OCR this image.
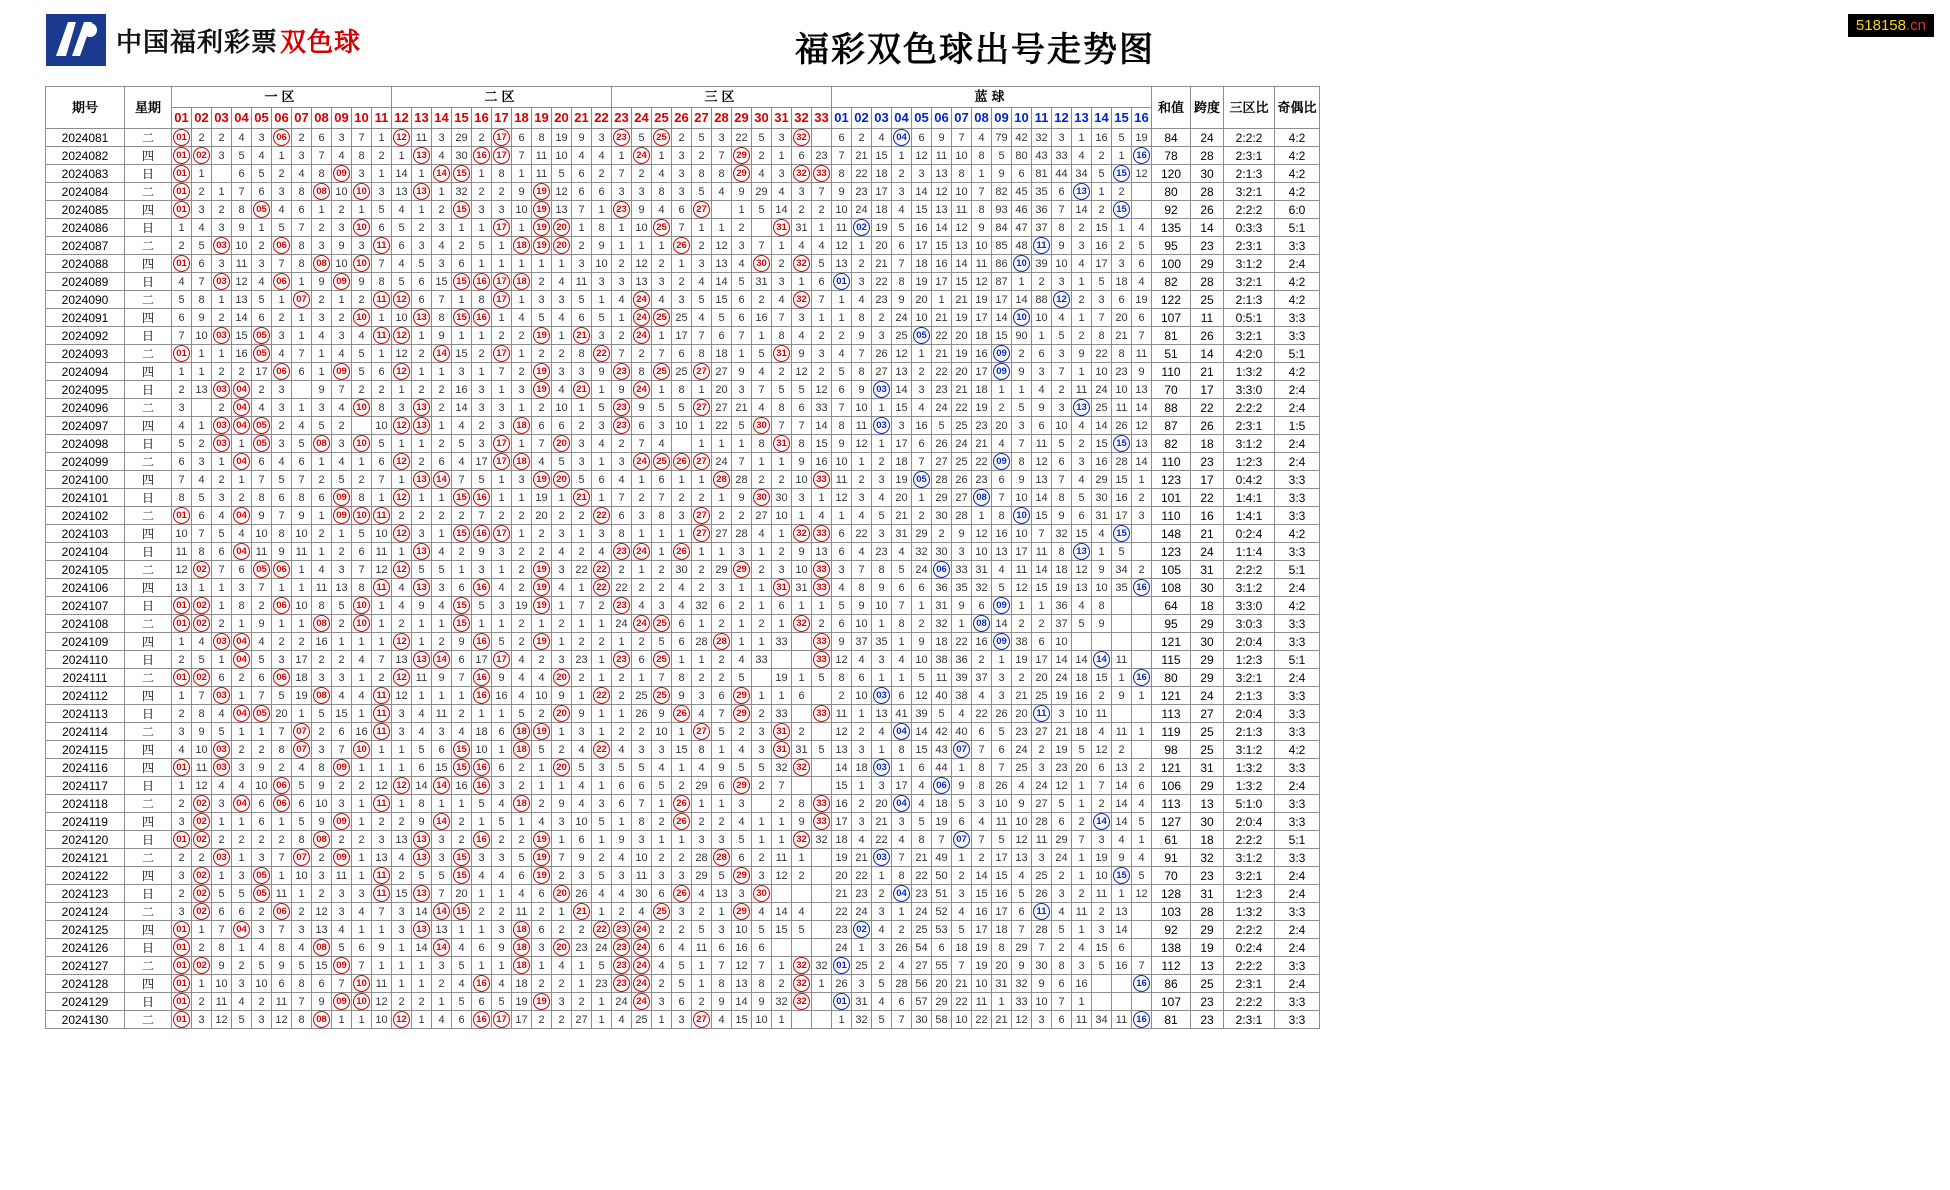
中国福利彩票 双色球	福彩双色球出号走势图
518158.cn
期号	星期	一区											二区											三区											蓝球																和值	跨度	三区比	奇偶比
		01	02	03	04	05	06	07	08	09	10	11	12	13	14	15	16	17	18	19	20	21	22	23	24	25	26	27	28	29	30	31	32	33	01	02	03	04	05	06	07	08	09	10	11	12	13	14	15	16				
2024081	二	01	2	2	4	3	06	2	6	3	7	1	12	11	3	29	2	17	6	8	19	9	3	23	5	25	2	5	3	22	5	3	32		6	2	4	04	6	9	7	4	79	42	32	3	1	16	5	19	84	24	2:2:2	4:2
2024082	四	01	02	3	5	4	1	3	7	4	8	2	1	13	4	30	16	17	7	11	10	4	4	1	24	1	3	2	7	29	2	1	6	23	7	21	15	1	12	11	10	8	5	80	43	33	4	2	1	16	78	28	2:3:1	4:2
2024083	日	01	1		6	5	2	4	8	09	3	1	14	1	14	15	1	8	1	11	5	6	2	7	2	4	3	8	8	29	4	3	32	33	8	22	18	2	3	13	8	1	9	6	81	44	34	5	15	12	120	30	2:1:3	4:2
2024084	二	01	2	1	7	6	3	8	08	10	10	3	13	13	1	32	2	2	9	19	12	6	6	3	3	8	3	5	4	9	29	4	3	7	9	23	17	3	14	12	10	7	82	45	35	6	13	1	2		80	28	3:2:1	4:2
2024085	四	01	3	2	8	05	4	6	1	2	1	5	4	1	2	15	3	3	10	19	13	7	1	23	9	4	6	27		1	5	14	2	2	10	24	18	4	15	13	11	8	93	46	36	7	14	2	15		92	26	2:2:2	6:0
2024086	日	1	4	3	9	1	5	7	2	3	10	6	5	2	3	1	1	17	1	19	20	1	8	1	10	25	7	1	1	2		31	31	1	11	02	19	5	16	14	12	9	84	47	37	8	2	15	1	4	135	14	0:3:3	5:1
2024087	二	2	5	03	10	2	06	8	3	9	3	11	6	3	4	2	5	1	18	19	20	2	9	1	1	1	26	2	12	3	7	1	4	4	12	1	20	6	17	15	13	10	85	48	11	9	3	16	2	5	95	23	2:3:1	3:3
2024088	四	01	6	3	11	3	7	8	08	10	10	7	4	5	3	6	1	1	1	1	1	3	10	2	12	2	1	3	13	4	30	2	32	5	13	2	21	7	18	16	14	11	86	10	39	10	4	17	3	6	100	29	3:1:2	2:4
2024089	日	4	7	03	12	4	06	1	9	09	9	8	5	6	15	15	16	17	18	2	4	11	3	3	13	3	2	4	14	5	31	3	1	6	01	3	22	8	19	17	15	12	87	1	2	3	1	5	18	4	82	28	3:2:1	4:2
2024090	二	5	8	1	13	5	1	07	2	1	2	11	12	6	7	1	8	17	1	3	3	5	1	4	24	4	3	5	15	6	2	4	32	7	1	4	23	9	20	1	21	19	17	14	88	12	2	3	6	19	122	25	2:1:3	4:2
2024091	四	6	9	2	14	6	2	1	3	2	10	1	10	13	8	15	16	1	4	5	4	6	5	1	24	25	25	4	5	6	16	7	3	1	1	8	2	24	10	21	19	17	14	10	10	4	1	7	20	6	107	11	0:5:1	3:3
2024092	日	7	10	03	15	05	3	1	4	3	4	11	12	1	9	1	1	2	2	19	1	21	3	2	24	1	17	7	6	7	1	8	4	2	2	9	3	25	05	22	20	18	15	90	1	5	2	8	21	7	81	26	3:2:1	3:3
2024093	二	01	1	1	16	05	4	7	1	4	5	1	12	2	14	15	2	17	1	2	2	8	22	7	2	7	6	8	18	1	5	31	9	3	4	7	26	12	1	21	19	16	09	2	6	3	9	22	8	11	51	14	4:2:0	5:1
2024094	四	1	1	2	2	17	06	6	1	09	5	6	12	1	1	3	1	7	2	19	3	3	9	23	8	25	25	27	27	9	4	2	12	2	5	8	27	13	2	22	20	17	09	9	3	7	1	10	23	9	110	21	1:3:2	4:2
2024095	日	2	13	03	04	2	3		9	7	2	2	1	2	2	16	3	1	3	19	4	21	1	9	24	1	8	1	20	3	7	5	5	12	6	9	03	14	3	23	21	18	1	1	4	2	11	24	10	13	70	17	3:3:0	2:4
2024096	二	3		2	04	4	3	1	3	4	10	8	3	13	2	14	3	3	1	2	10	1	5	23	9	5	5	27	27	21	4	8	6	33	7	10	1	15	4	24	22	19	2	5	9	3	13	25	11	14	88	22	2:2:2	2:4
2024097	四	4	1	03	04	05	2	4	5	2		10	12	13	1	4	2	3	18	6	6	2	3	23	6	3	10	1	22	5	30	7	7	14	8	11	03	3	16	5	25	23	20	3	6	10	4	14	26	12	87	26	2:3:1	1:5
2024098	日	5	2	03	1	05	3	5	08	3	10	5	1	1	2	5	3	17	1	7	20	3	4	2	7	4		1	1	1	8	31	8	15	9	12	1	17	6	26	24	21	4	7	11	5	2	15	15	13	82	18	3:1:2	2:4
2024099	二	6	3	1	04	6	4	6	1	4	1	6	12	2	6	4	17	17	18	4	5	3	1	3	24	25	26	27	24	7	1	1	9	16	10	1	2	18	7	27	25	22	09	8	12	6	3	16	28	14	110	23	1:2:3	2:4
2024100	四	7	4	2	1	7	5	7	2	5	2	7	1	13	14	7	5	1	3	19	20	5	6	4	1	6	1	1	28	28	2	2	10	33	11	2	3	19	05	28	26	23	6	9	13	7	4	29	15	1	123	17	0:4:2	3:3
2024101	日	8	5	3	2	8	6	8	6	09	8	1	12	1	1	15	16	1	1	19	1	21	1	7	2	7	2	2	1	9	30	30	3	1	12	3	4	20	1	29	27	08	7	10	14	8	5	30	16	2	101	22	1:4:1	3:3
2024102	二	01	6	4	04	9	7	9	1	09	10	11	2	2	2	2	7	2	2	20	2	2	22	6	3	8	3	27	2	2	27	10	1	4	1	4	5	21	2	30	28	1	8	10	15	9	6	31	17	3	110	16	1:4:1	3:3
2024103	四	10	7	5	4	10	8	10	2	1	5	10	12	3	1	15	16	17	1	2	3	1	3	8	1	1	1	27	27	28	4	1	32	33	6	22	3	31	29	2	9	12	16	10	7	32	15	4	15		148	21	0:2:4	4:2
2024104	日	11	8	6	04	11	9	11	1	2	6	11	1	13	4	2	9	3	2	2	4	2	4	23	24	1	26	1	1	3	1	2	9	13	6	4	23	4	32	30	3	10	13	17	11	8	13	1	5		123	24	1:1:4	3:3
2024105	二	12	02	7	6	05	06	1	4	3	7	12	12	5	5	1	3	1	2	19	3	22	22	2	1	2	30	2	29	29	2	3	10	33	3	7	8	5	24	06	33	31	4	11	14	18	12	9	34	2	105	31	2:2:2	5:1
2024106	四	13	1	1	3	7	1	1	11	13	8	11	4	13	3	6	16	4	2	19	4	1	22	22	2	2	4	2	3	1	1	31	31	33	4	8	9	6	6	36	35	32	5	12	15	19	13	10	35	16	108	30	3:1:2	2:4
2024107	日	01	02	1	8	2	06	10	8	5	10	1	4	9	4	15	5	3	19	19	1	7	2	23	4	3	4	32	6	2	1	6	1	1	5	9	10	7	1	31	9	6	09	1	1	36	4	8			64	18	3:3:0	4:2
2024108	二	01	02	2	1	9	1	1	08	2	10	1	2	1	1	15	1	1	2	1	2	1	1	24	24	25	6	1	2	1	2	1	32	2	6	10	1	8	2	32	1	08	14	2	2	37	5	9			95	29	3:0:3	3:3
2024109	四	1	4	03	04	4	2	2	16	1	1	1	12	1	2	9	16	5	2	19	1	2	2	1	2	5	6	28	28	1	1	33		33	9	37	35	1	9	18	22	16	09	38	6	10					121	30	2:0:4	3:3
2024110	日	2	5	1	04	5	3	17	2	2	4	7	13	13	14	6	17	17	4	2	3	23	1	23	6	25	1	1	2	4	33			33	12	4	3	4	10	38	36	2	1	19	17	14	14	14	11		115	29	1:2:3	5:1
2024111	二	01	02	6	2	6	06	18	3	3	1	2	12	11	9	7	16	9	4	4	20	2	1	2	1	7	8	2	2	5		19	1	5	8	6	1	1	5	11	39	37	3	2	20	24	18	15	1	16	80	29	3:2:1	2:4
2024112	四	1	7	03	1	7	5	19	08	4	4	11	12	1	1	1	16	16	4	10	9	1	22	2	25	25	9	3	6	29	1	1	6		2	10	03	6	12	40	38	4	3	21	25	19	16	2	9	1	121	24	2:1:3	3:3
2024113	日	2	8	4	04	05	20	1	5	15	1	11	3	4	11	2	1	1	5	2	20	9	1	1	26	9	26	4	7	29	2	33		33	11	1	13	41	39	5	4	22	26	20	11	3	10	11			113	27	2:0:4	3:3
2024114	二	3	9	5	1	1	7	07	2	6	16	11	3	4	3	4	18	6	18	19	1	3	1	2	2	10	1	27	5	2	3	31	2		12	2	4	04	14	42	40	6	5	23	27	21	18	4	11	1	119	25	2:1:3	3:3
2024115	四	4	10	03	2	2	8	07	3	7	10	1	1	5	6	15	10	1	18	5	2	4	22	4	3	3	15	8	1	4	3	31	31	5	13	3	1	8	15	43	07	7	6	24	2	19	5	12	2		98	25	3:1:2	4:2
2024116	四	01	11	03	3	9	2	4	8	09	1	1	1	6	15	15	16	6	2	1	20	5	3	5	5	4	1	4	9	5	5	32	32		14	18	03	1	6	44	1	8	7	25	3	23	20	6	13	2	121	31	1:3:2	3:3
2024117	日	1	12	4	4	10	06	5	9	2	2	12	12	14	14	16	16	3	2	1	1	4	1	6	6	5	2	29	6	29	2	7			15	1	3	17	4	06	9	8	26	4	24	12	1	7	14	6	106	29	1:3:2	2:4
2024118	二	2	02	3	04	6	06	6	10	3	1	11	1	8	1	1	5	4	18	2	9	4	3	6	7	1	26	1	1	3		2	8	33	16	2	20	04	4	18	5	3	10	9	27	5	1	2	14	4	113	13	5:1:0	3:3
2024119	四	3	02	1	1	6	1	5	9	09	1	2	2	9	14	2	1	5	1	4	3	10	5	1	8	2	26	2	2	4	1	1	9	33	17	3	21	3	5	19	6	4	11	10	28	6	2	14	14	5	127	30	2:0:4	3:3
2024120	日	01	02	2	2	2	2	8	08	2	2	3	13	13	3	2	16	2	2	19	1	6	1	9	3	1	1	3	3	5	1	1	32	32	18	4	22	4	8	7	07	7	5	12	11	29	7	3	4	1	61	18	2:2:2	5:1
2024121	二	2	2	03	1	3	7	07	2	09	1	13	4	13	3	15	3	3	5	19	7	9	2	4	10	2	2	28	28	6	2	11	1		19	21	03	7	21	49	1	2	17	13	3	24	1	19	9	4	91	32	3:1:2	3:3
2024122	四	3	02	1	3	05	1	10	3	11	1	11	2	5	5	15	4	4	6	19	2	3	5	3	11	3	3	29	5	29	3	12	2		20	22	1	8	22	50	2	14	15	4	25	2	1	10	15	5	70	23	3:2:1	2:4
2024123	日	2	02	5	5	05	11	1	2	3	3	11	15	13	7	20	1	1	4	6	20	26	4	4	30	6	26	4	13	3	30				21	23	2	04	23	51	3	15	16	5	26	3	2	11	1	12	128	31	1:2:3	2:4
2024124	二	3	02	6	6	2	06	2	12	3	4	7	3	14	14	15	2	2	11	2	1	21	1	2	4	25	3	2	1	29	4	14	4		22	24	3	1	24	52	4	16	17	6	11	4	11	2	13		103	28	1:3:2	3:3
2024125	四	01	1	7	04	3	7	3	13	4	1	1	3	13	13	1	1	3	18	6	2	2	22	23	24	2	2	5	3	10	5	15	5		23	02	4	2	25	53	5	17	18	7	28	5	1	3	14		92	29	2:2:2	2:4
2024126	日	01	2	8	1	4	8	4	08	5	6	9	1	14	14	4	6	9	18	3	20	23	24	23	24	6	4	11	6	16	6				24	1	3	26	54	6	18	19	8	29	7	2	4	15	6		138	19	0:2:4	2:4
2024127	二	01	02	9	2	5	9	5	15	09	7	1	1	1	3	5	1	1	18	1	4	1	5	23	24	4	5	1	7	12	7	1	32	32	01	25	2	4	27	55	7	19	20	9	30	8	3	5	16	7	112	13	2:2:2	3:3
2024128	四	01	1	10	3	10	6	8	6	7	10	11	1	1	2	4	16	4	18	2	2	1	23	23	24	2	5	1	8	13	8	2	32	1	26	3	5	28	56	20	21	10	31	32	9	6	16			16	86	25	2:3:1	2:4
2024129	日	01	2	11	4	2	11	7	9	09	10	12	2	2	1	5	6	5	19	19	3	2	1	24	24	3	6	2	9	14	9	32	32		01	31	4	6	57	29	22	11	1	33	10	7	1				107	23	2:2:2	3:3
2024130	二	01	3	12	5	3	12	8	08	1	1	10	12	1	4	6	16	17	17	2	2	27	1	4	25	1	3	27	4	15	10	1			1	32	5	7	30	58	10	22	21	12	3	6	11	34	11	16	81	23	2:3:1	3:3
